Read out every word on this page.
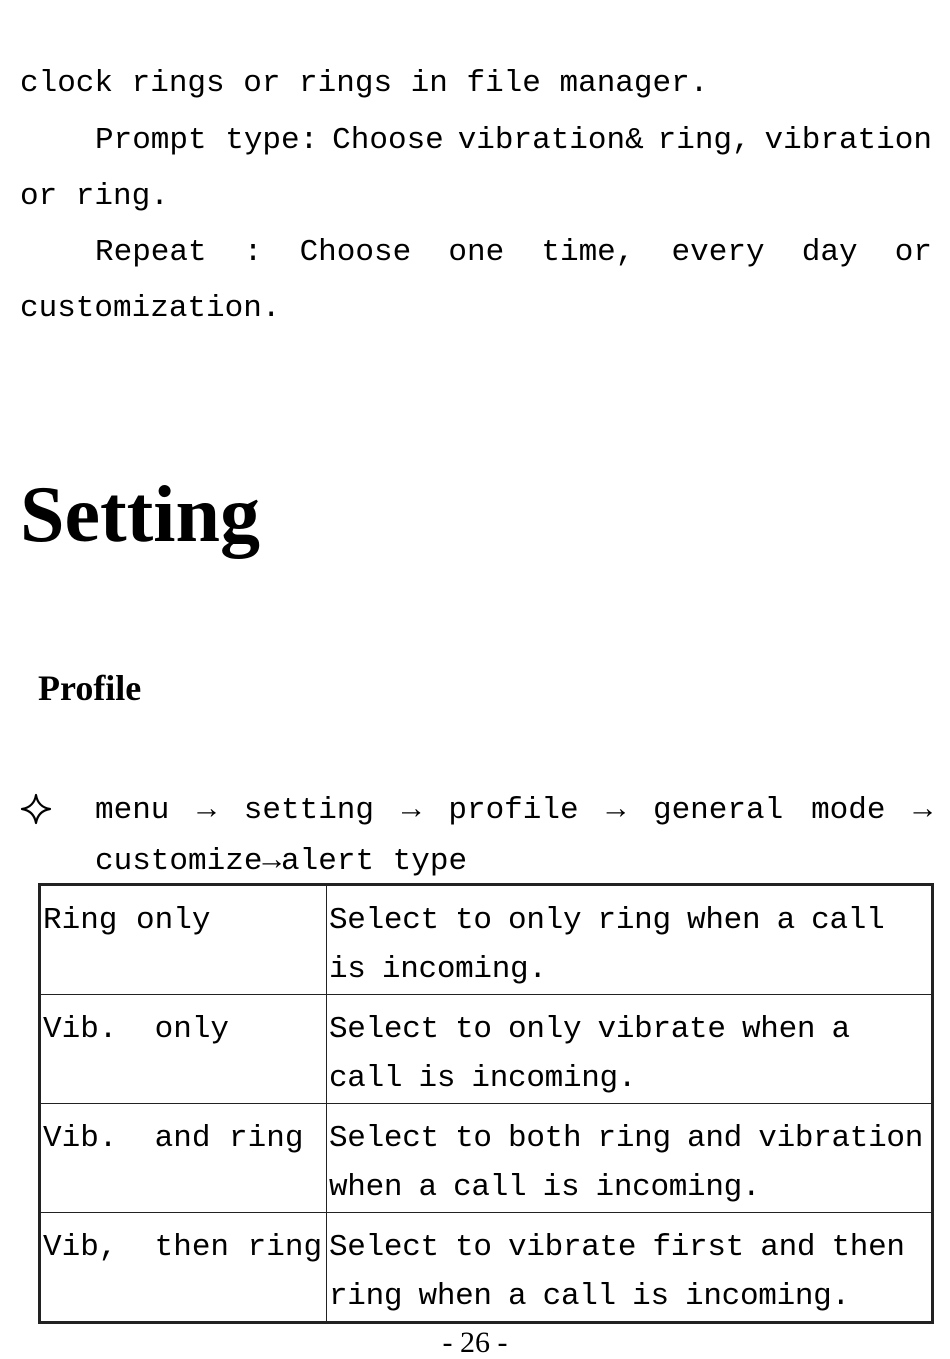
clock rings or rings in file manager.
Prompt type: Choose vibration& ring, vibration
or ring.
Repeat : Choose one time, every day or
customization.
Setting
Profile
menu → setting → profile → general mode →
customize→alert type
Ring only	Select to only ring when a call is incoming.
Vib.  only	Select to only vibrate when a call is incoming.
Vib.  and ring	Select to both ring and vibration when a call is incoming.
Vib,  then ring	Select to vibrate first and then ring when a call is incoming.
- 26 -
